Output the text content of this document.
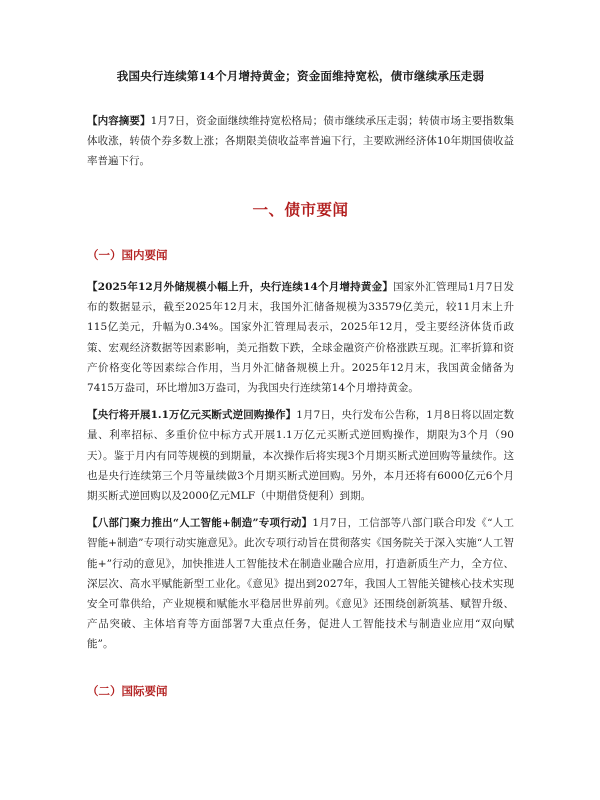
我国央行连续第14个月增持黄金；资金面维持宽松，债市继续承压走弱
【内容摘要】1月7日，资金面继续维持宽松格局；债市继续承压走弱；转债市场主要指数集体收涨，转债个券多数上涨；各期限美债收益率普遍下行，主要欧洲经济体10年期国债收益率普遍下行。
一、债市要闻
（一）国内要闻
【2025年12月外储规模小幅上升，央行连续14个月增持黄金】国家外汇管理局1月7日发布的数据显示，截至2025年12月末，我国外汇储备规模为33579亿美元，较11月末上升115亿美元，升幅为0.34%。国家外汇管理局表示，2025年12月，受主要经济体货币政策、宏观经济数据等因素影响，美元指数下跌，全球金融资产价格涨跌互现。汇率折算和资产价格变化等因素综合作用，当月外汇储备规模上升。2025年12月末，我国黄金储备为7415万盎司，环比增加3万盎司，为我国央行连续第14个月增持黄金。
【央行将开展1.1万亿元买断式逆回购操作】1月7日，央行发布公告称，1月8日将以固定数量、利率招标、多重价位中标方式开展1.1万亿元买断式逆回购操作，期限为3个月（90天）。鉴于月内有同等规模的到期量，本次操作后将实现3个月期买断式逆回购等量续作。这也是央行连续第三个月等量续做3个月期买断式逆回购。另外，本月还将有6000亿元6个月期买断式逆回购以及2000亿元MLF（中期借贷便利）到期。
【八部门聚力推出“人工智能+制造”专项行动】1月7日，工信部等八部门联合印发《“人工智能+制造”专项行动实施意见》。此次专项行动旨在贯彻落实《国务院关于深入实施“人工智能+”行动的意见》，加快推进人工智能技术在制造业融合应用，打造新质生产力，全方位、深层次、高水平赋能新型工业化。《意见》提出到2027年，我国人工智能关键核心技术实现安全可靠供给，产业规模和赋能水平稳居世界前列。《意见》还围绕创新筑基、赋智升级、产品突破、主体培育等方面部署7大重点任务，促进人工智能技术与制造业应用“双向赋能”。
（二）国际要闻
